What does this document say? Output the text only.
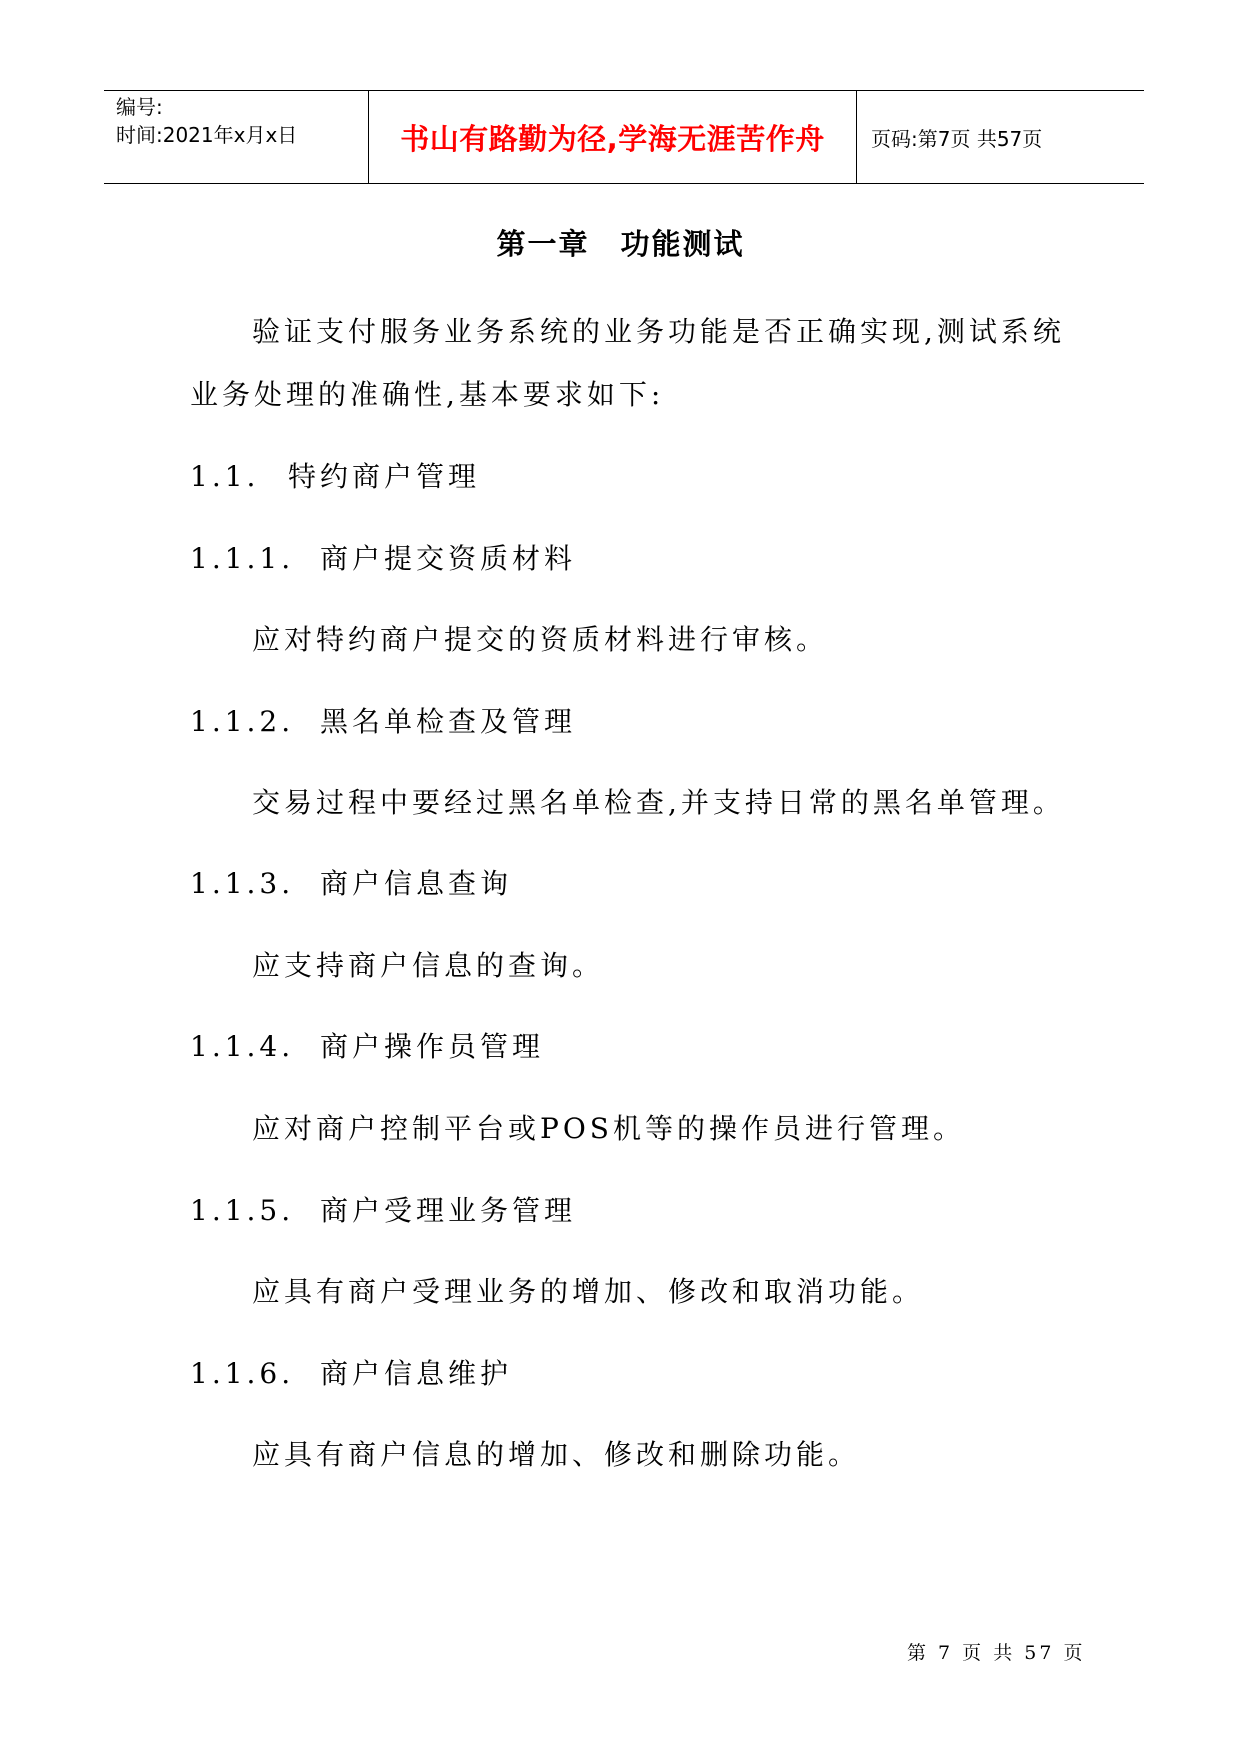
编号:
时间:2021年x月x日	书山有路勤为径,学海无涯苦作舟	页码:第7页 共57页
第一章　功能测试
验证支付服务业务系统的业务功能是否正确实现,测试系统
业务处理的准确性,基本要求如下:
1.1. 特约商户管理
1.1.1. 商户提交资质材料
应对特约商户提交的资质材料进行审核。
1.1.2. 黑名单检查及管理
交易过程中要经过黑名单检查,并支持日常的黑名单管理。
1.1.3. 商户信息查询
应支持商户信息的查询。
1.1.4. 商户操作员管理
应对商户控制平台或POS机等的操作员进行管理。
1.1.5. 商户受理业务管理
应具有商户受理业务的增加、修改和取消功能。
1.1.6. 商户信息维护
应具有商户信息的增加、修改和删除功能。
第 7 页 共 57 页
